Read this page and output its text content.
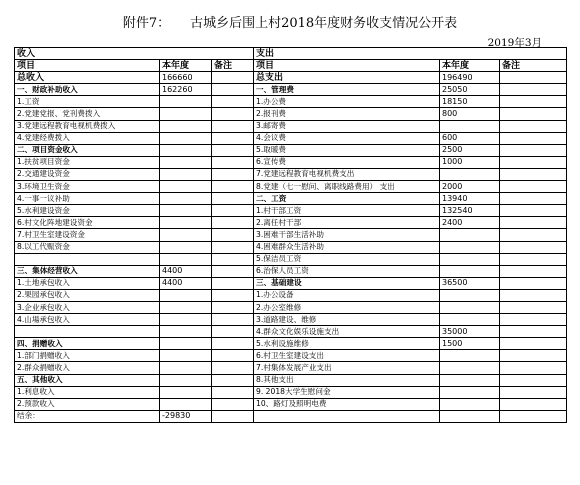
附件7： 古城乡后围上村2018年度财务收支情况公开表
2019年3月
收入			支出		
项目	本年度	备注	项目	本年度	备注
总收入	166660		总支出	196490	
一、财政补助收入	162260		一、管理费	25050	
1.工资			1.办公费	18150	
2.党建党报、党刊费拨入			2.报刊费	800	
3.党建远程教育电视机费拨入			3.邮寄费		
4.党建经费拨入			4.会议费	600	
二、项目资金收入			5.取暖费	2500	
1.扶贫项目资金			6.宣传费	1000	
2.交通建设资金			7.党建远程教育电视机费支出		
3.环境卫生资金			8.党建（七一慰问、离职线路费用） 支出	2000	
4.一事一议补助			二、工资	13940	
5.水利建设资金			1.村干部工资	132540	
6.村文化阵地建设资金			2.离任村干部	2400	
7.村卫生室建设资金			3.困难干部生活补助		
8.以工代赈资金			4.困难群众生活补助		
			5.保洁员工资		
三、集体经营收入	4400		6.治保人员工资		
1.土地承包收入	4400		三、基础建设	36500	
2.果园承包收入			1.办公设备		
3.企业承包收入			2.办公室维修		
4.山場承包收入			3.道路建设、维修		
			4.群众文化娱乐设施支出	35000	
四、捐赠收入			5.水利设施维修	1500	
1.部门捐赠收入			6.村卫生室建设支出		
2.群众捐赠收入			7.村集体发展产业支出		
五、其他收入			8.其他支出		
1.利息收入			9. 2018大学生慰问金		
2.预款收入			10、路灯及照明电费		
结余：	-29830				
